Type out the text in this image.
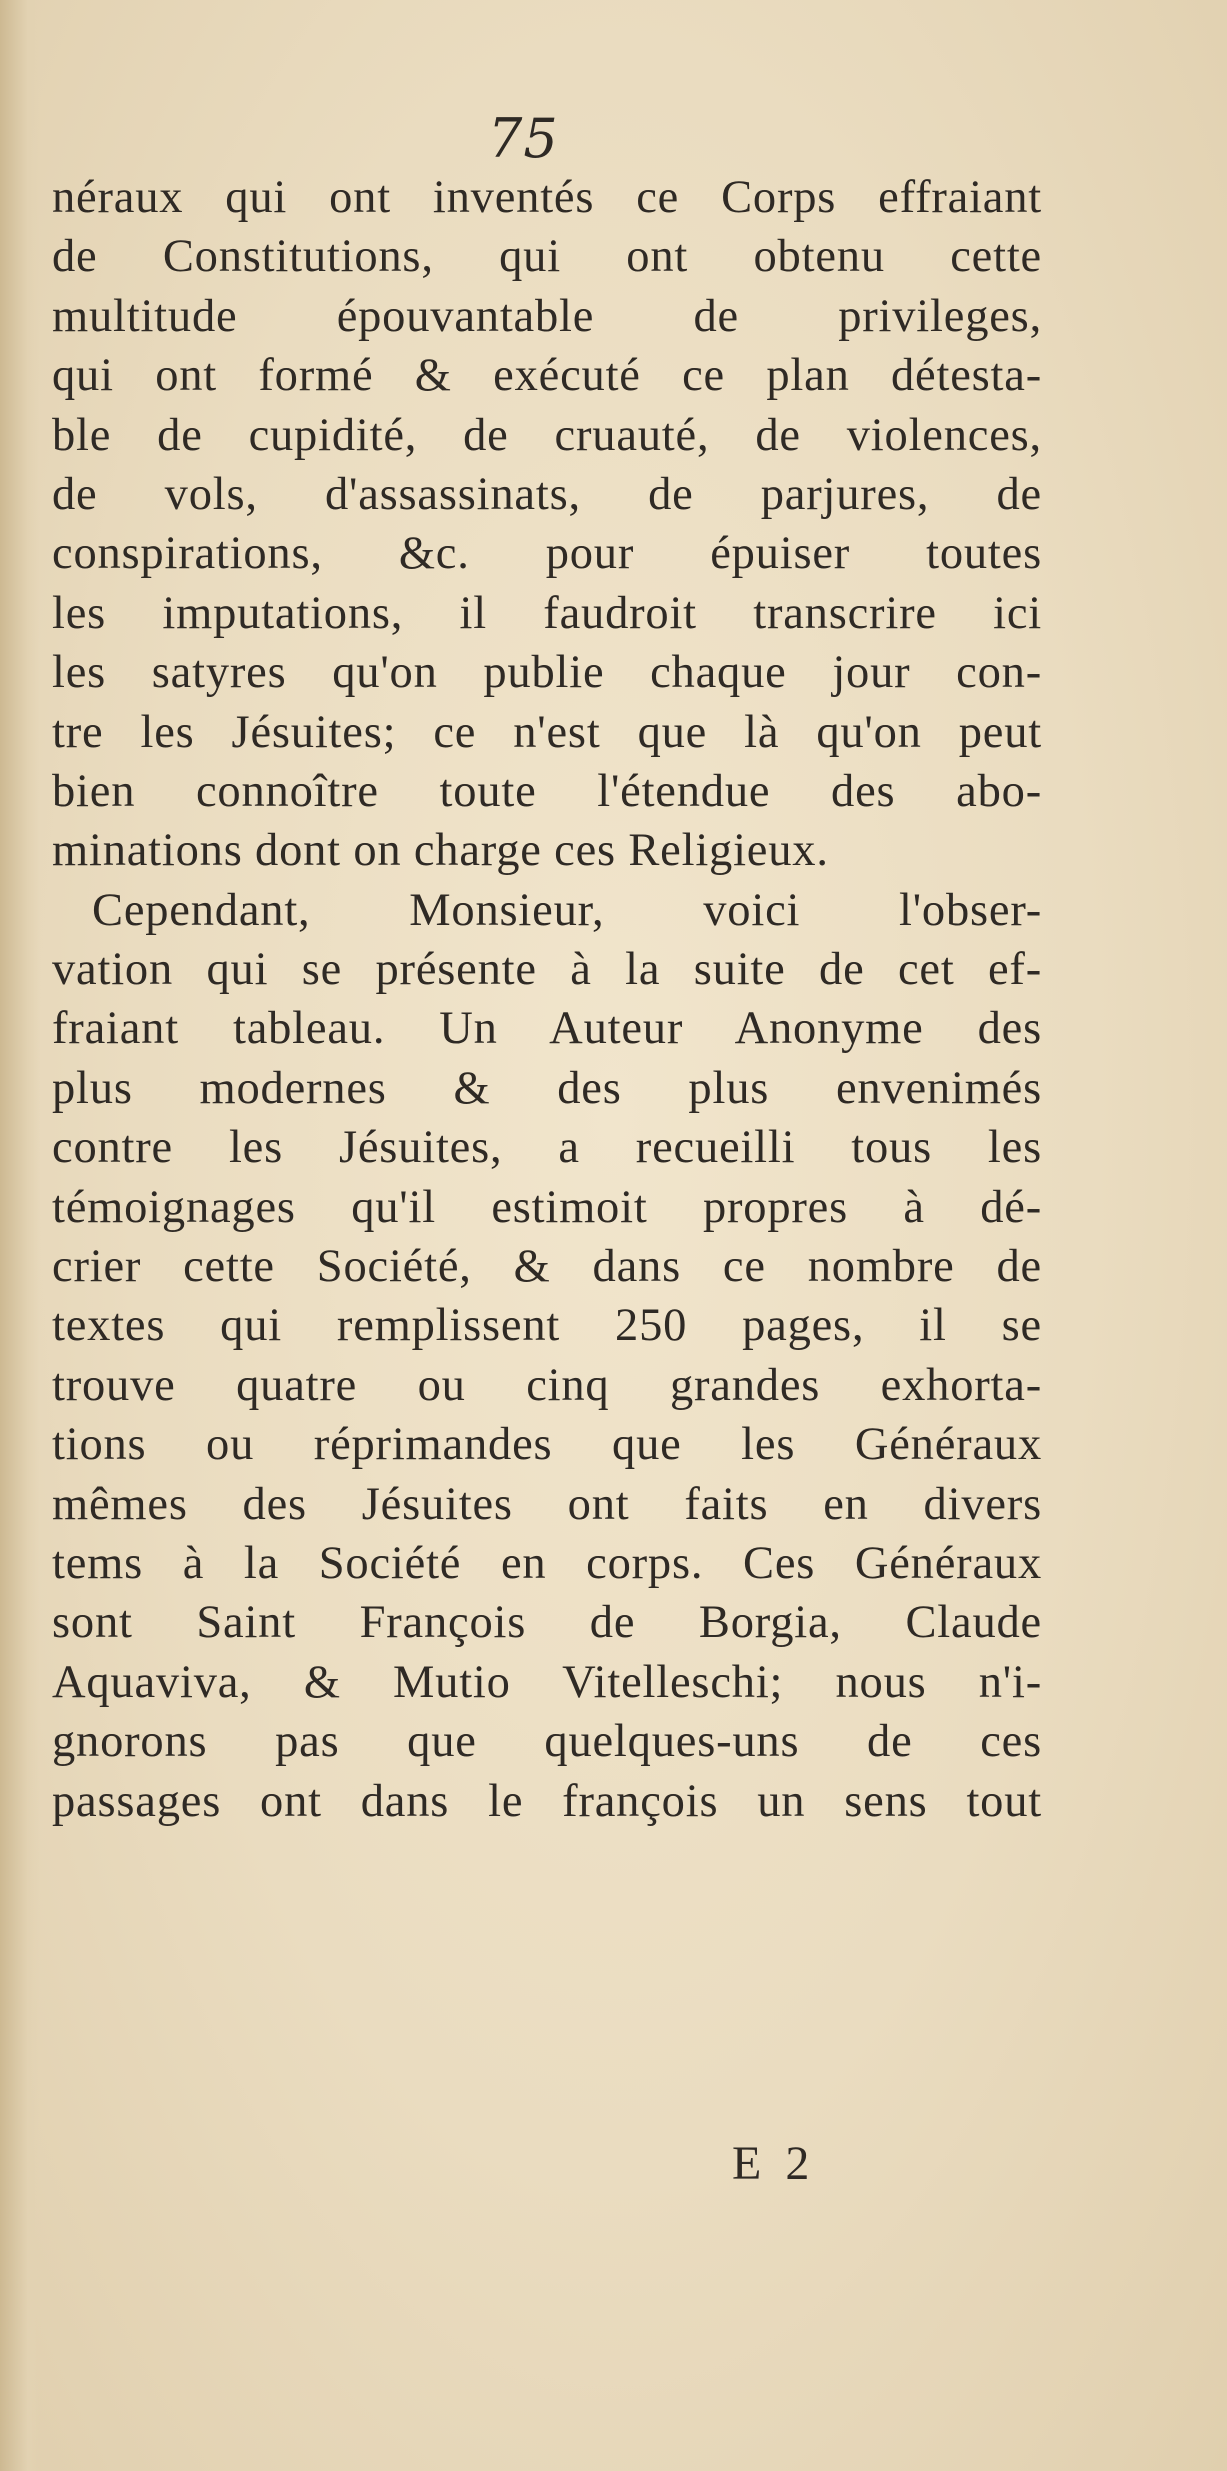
75
néraux qui ont inventés ce Corps effraiant
de Constitutions, qui ont obtenu cette
multitude épouvantable de privileges,
qui ont formé & exécuté ce plan détesta-
ble de cupidité, de cruauté, de violences,
de vols, d'assassinats, de parjures, de
conspirations, &c. pour épuiser toutes
les imputations, il faudroit transcrire ici
les satyres qu'on publie chaque jour con-
tre les Jésuites; ce n'est que là qu'on peut
bien connoître toute l'étendue des abo-
minations dont on charge ces Religieux.
Cependant, Monsieur, voici l'obser-
vation qui se présente à la suite de cet ef-
fraiant tableau. Un Auteur Anonyme des
plus modernes & des plus envenimés
contre les Jésuites, a recueilli tous les
témoignages qu'il estimoit propres à dé-
crier cette Société, & dans ce nombre de
textes qui remplissent 250 pages, il se
trouve quatre ou cinq grandes exhorta-
tions ou réprimandes que les Généraux
mêmes des Jésuites ont faits en divers
tems à la Société en corps. Ces Généraux
sont Saint François de Borgia, Claude
Aquaviva, & Mutio Vitelleschi; nous n'i-
gnorons pas que quelques-uns de ces
passages ont dans le françois un sens tout
E 2
